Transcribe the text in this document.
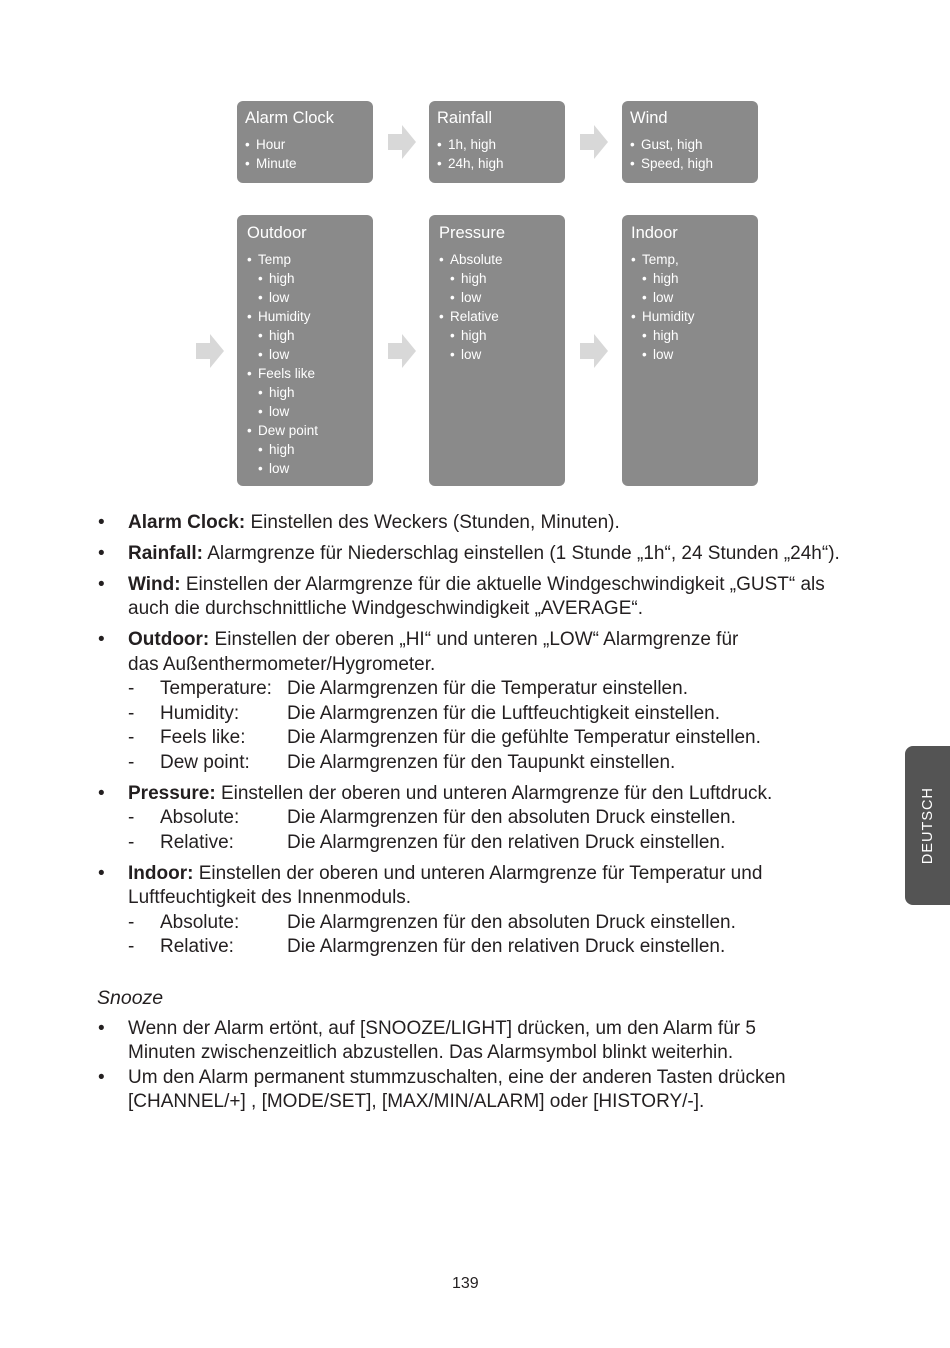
Alarm Clock
• Hour
• Minute
Rainfall
• 1h, high
• 24h, high
Wind
• Gust, high
• Speed, high
Outdoor
• Temp
• high
• low
• Humidity
• high
• low
• Feels like
• high
• low
• Dew point
• high
• low
Pressure
• Absolute
• high
• low
• Relative
• high
• low
Indoor
• Temp,
• high
• low
• Humidity
• high
• low
• Alarm Clock: Einstellen des Weckers (Stunden, Minuten).
• Rainfall: Alarmgrenze für Niederschlag einstellen (1 Stunde „1h“, 24 Stunden „24h“).
• Wind: Einstellen der Alarmgrenze für die aktuelle Windgeschwindigkeit „GUST“ als
auch die durchschnittliche Windgeschwindigkeit „AVERAGE“.
• Outdoor: Einstellen der oberen „HI“ und unteren „LOW“ Alarmgrenze für
das Außenthermometer/Hygrometer.
- Temperature: Die Alarmgrenzen für die Temperatur einstellen.
- Humidity:	Die Alarmgrenzen für die Luftfeuchtigkeit einstellen.
- Feels like: Die Alarmgrenzen für die gefühlte Temperatur einstellen.
- Dew point: Die Alarmgrenzen für den Taupunkt einstellen.
• Pressure: Einstellen der oberen und unteren Alarmgrenze für den Luftdruck.
- Absolute:	Die Alarmgrenzen für den absoluten Druck einstellen.
- Relative:	Die Alarmgrenzen für den relativen Druck einstellen.
• Indoor: Einstellen der oberen und unteren Alarmgrenze für Temperatur und
Luftfeuchtigkeit des Innenmoduls.
- Absolute:	Die Alarmgrenzen für den absoluten Druck einstellen.
- Relative:	Die Alarmgrenzen für den relativen Druck einstellen.
Snooze
• Wenn der Alarm ertönt, auf [SNOOZE/LIGHT] drücken, um den Alarm für 5
Minuten zwischenzeitlich abzustellen. Das Alarmsymbol blinkt weiterhin.
• Um den Alarm permanent stummzuschalten, eine der anderen Tasten drücken
[CHANNEL/+] , [MODE/SET], [MAX/MIN/ALARM] oder [HISTORY/-].
139
DEUTSCH
